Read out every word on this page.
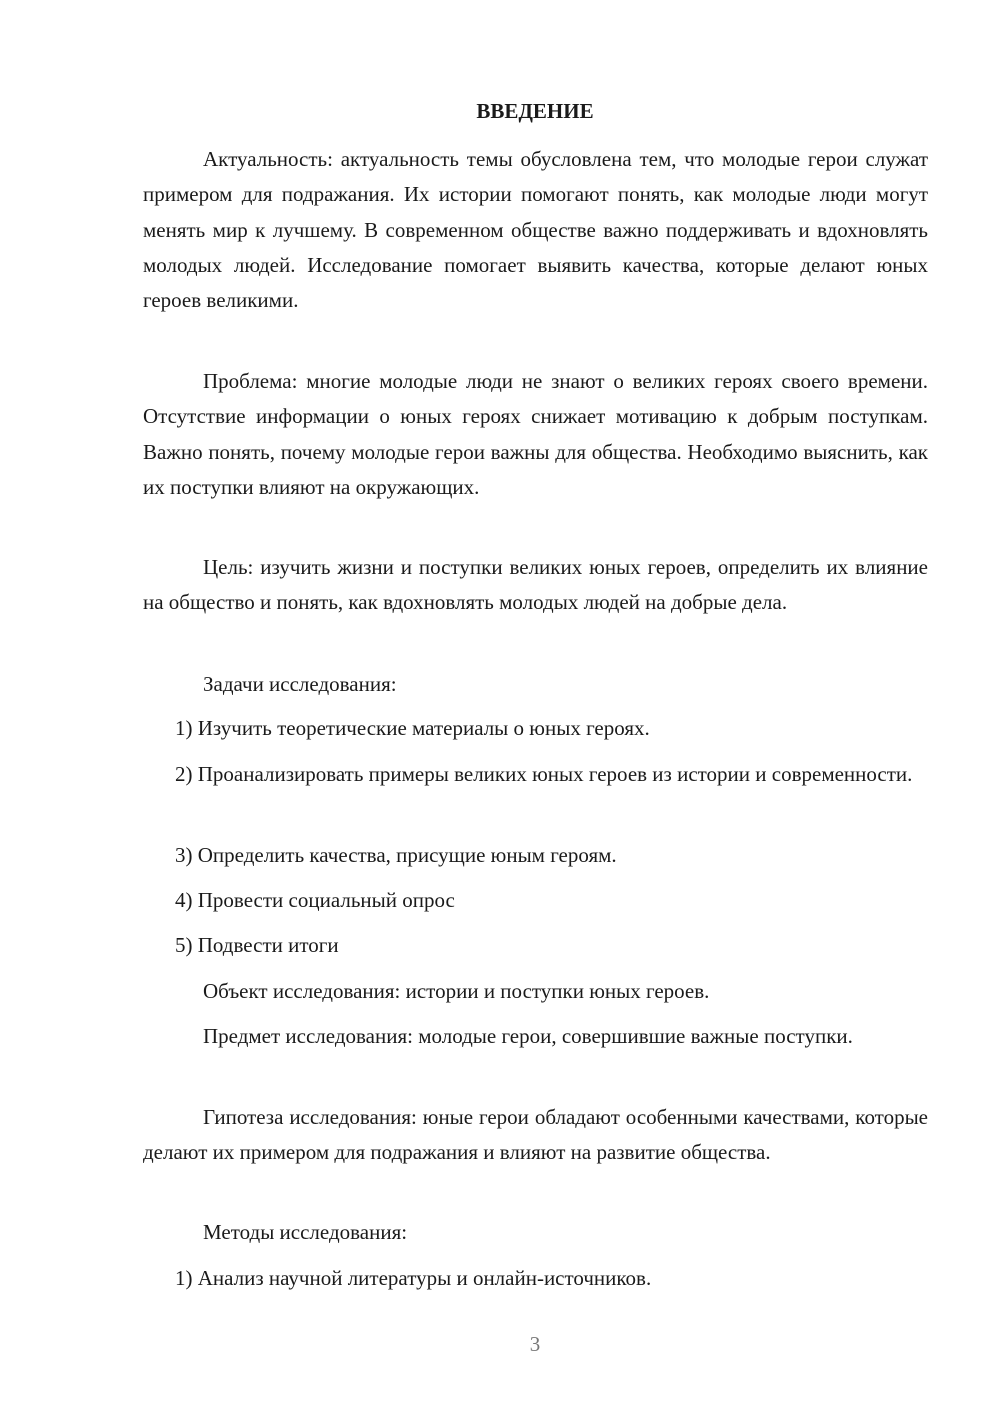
ВВЕДЕНИЕ

Актуальность: актуальность темы обусловлена тем, что молодые герои служат примером для подражания. Их истории помогают понять, как молодые люди могут менять мир к лучшему. В современном обществе важно поддерживать и вдохновлять молодых людей. Исследование помогает выявить качества, которые делают юных героев великими.

Проблема: многие молодые люди не знают о великих героях своего времени. Отсутствие информации о юных героях снижает мотивацию к добрым поступкам. Важно понять, почему молодые герои важны для общества. Необходимо выяснить, как их поступки влияют на окружающих.

Цель: изучить жизни и поступки великих юных героев, определить их влияние на общество и понять, как вдохновлять молодых людей на добрые дела.

Задачи исследования:

1) Изучить теоретические материалы о юных героях.

2) Проанализировать примеры великих юных героев из истории и современности.

3) Определить качества, присущие юным героям.

4) Провести социальный опрос

5) Подвести итоги

Объект исследования: истории и поступки юных героев.

Предмет исследования: молодые герои, совершившие важные поступки.

Гипотеза исследования: юные герои обладают особенными качествами, которые делают их примером для подражания и влияют на развитие общества.

Методы исследования:

1) Анализ научной литературы и онлайн-источников.

3
